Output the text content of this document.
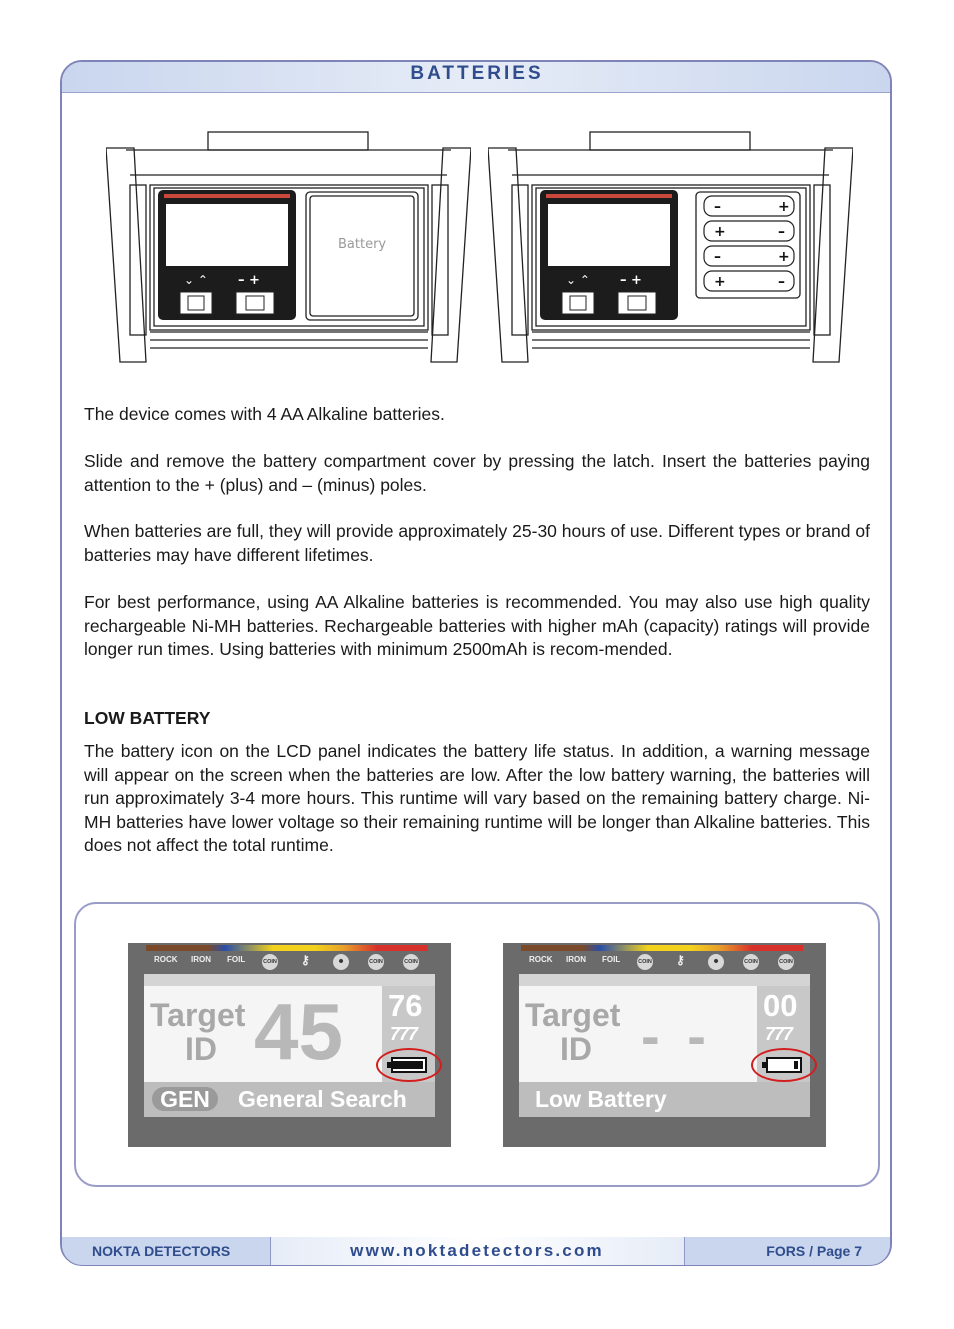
BATTERIES
⌄ ⌃ – +
Battery
⌄ ⌃ – +
–	+
+	–
–	+
+	–
The device comes with 4 AA Alkaline batteries.
Slide and remove the battery compartment cover by pressing the latch. Insert the batteries paying attention to the + (plus) and – (minus) poles.
When batteries are full, they will provide approximately 25-30 hours of use. Different types or brand of batteries may have different lifetimes.
For best performance, using AA Alkaline batteries is recommended. You may also use high quality rechargeable Ni-MH batteries. Rechargeable batteries with higher mAh (capacity) ratings will provide longer run times. Using batteries with minimum 2500mAh is recom-mended.
LOW BATTERY
The battery icon on the LCD panel indicates the battery life status. In addition, a warning message will appear on the screen when the batteries are low. After the low battery warning, the batteries will run approximately 3-4 more hours. This runtime will vary based on the remaining battery charge. Ni-MH batteries have lower voltage so their remaining runtime will be longer than Alkaline batteries. This does not affect the total runtime.
ROCK IRON FOIL	COIN ⚷	✺	COIN	COIN
Target
ID 45 76
777
GEN	General Search
ROCK IRON FOIL	COIN ⚷	✺	COIN	COIN
Target
ID - - 00
777
Low Battery
NOKTA DETECTORS	www.noktadetectors.com	FORS / Page 7
